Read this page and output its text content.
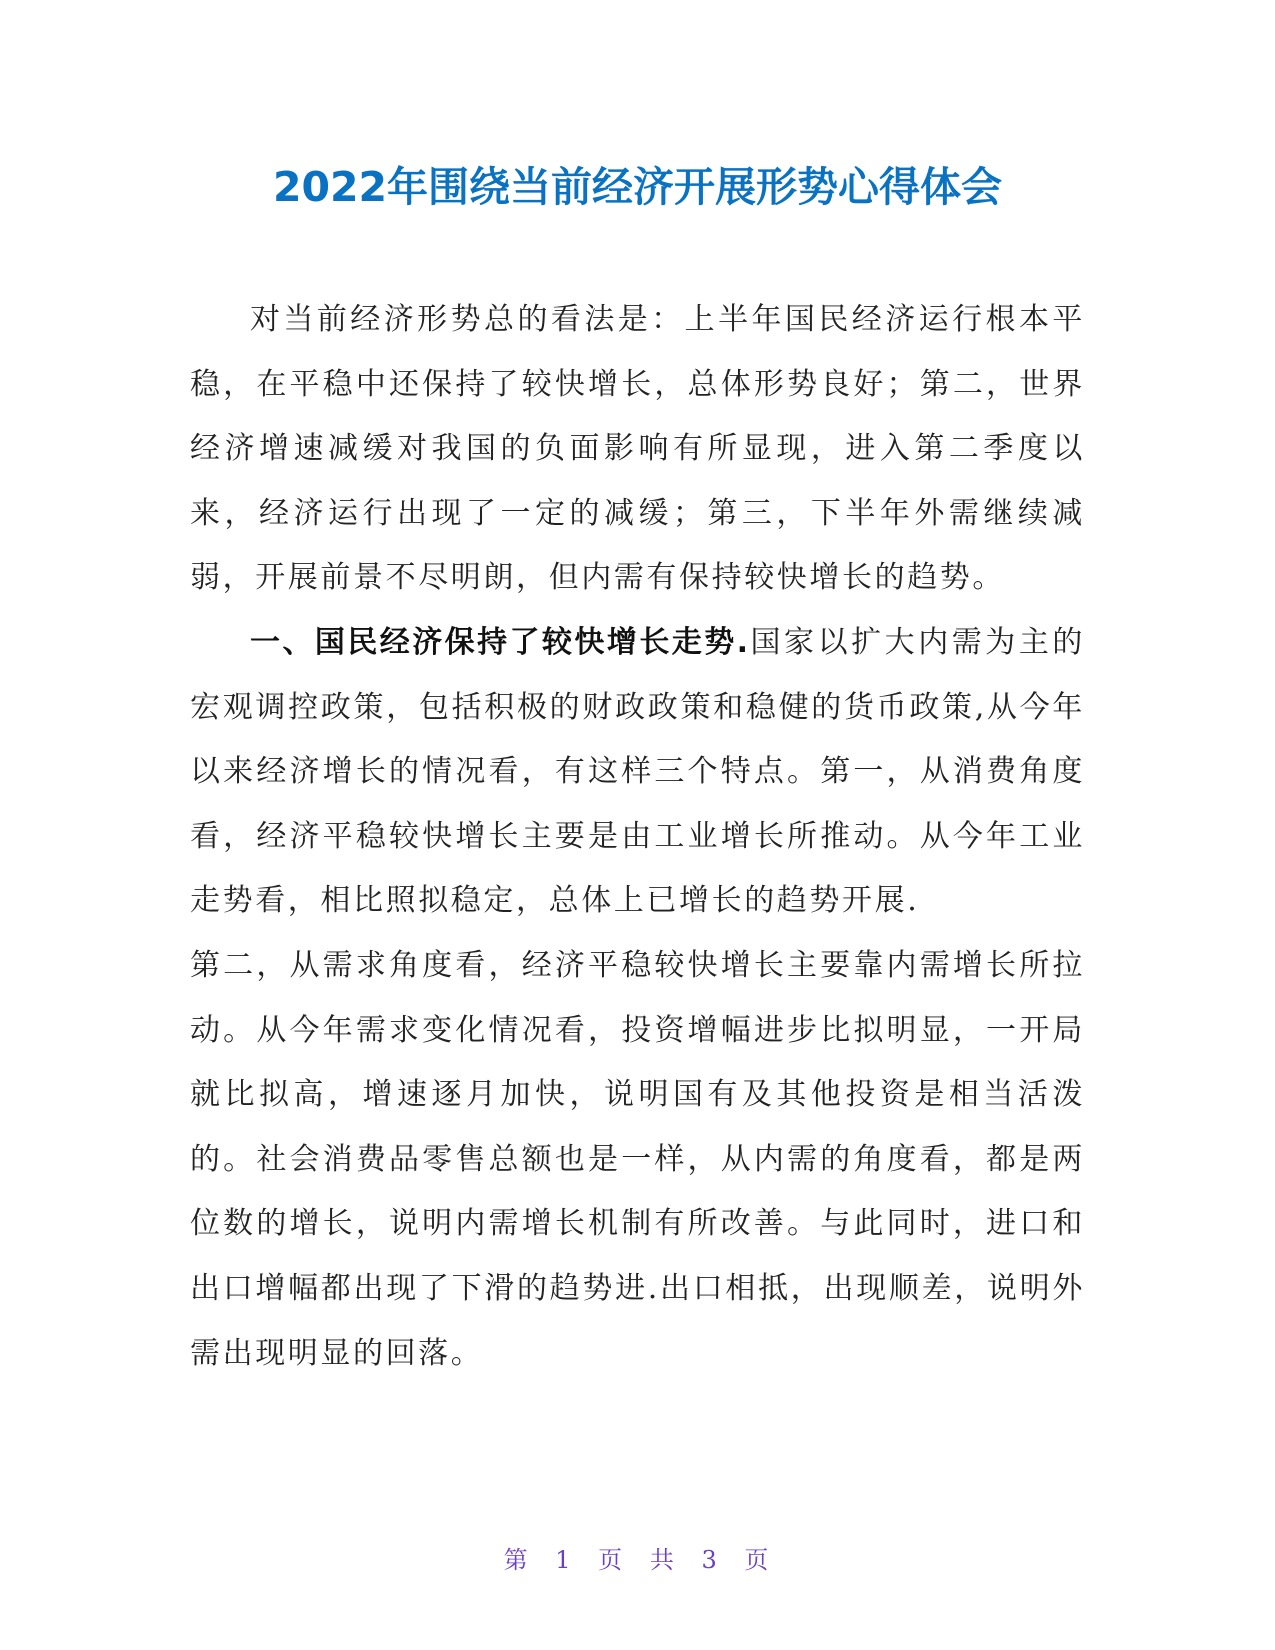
2022年围绕当前经济开展形势心得体会

对当前经济形势总的看法是：上半年国民经济运行根本平稳，在平稳中还保持了较快增长，总体形势良好；第二，世界经济增速减缓对我国的负面影响有所显现，进入第二季度以来，经济运行出现了一定的减缓；第三，下半年外需继续减弱，开展前景不尽明朗，但内需有保持较快增长的趋势。

一、国民经济保持了较快增长走势.国家以扩大内需为主的宏观调控政策，包括积极的财政政策和稳健的货币政策,从今年以来经济增长的情况看，有这样三个特点。第一，从消费角度看，经济平稳较快增长主要是由工业增长所推动。从今年工业走势看，相比照拟稳定，总体上已增长的趋势开展.

第二，从需求角度看，经济平稳较快增长主要靠内需增长所拉动。从今年需求变化情况看，投资增幅进步比拟明显，一开局就比拟高，增速逐月加快，说明国有及其他投资是相当活泼的。社会消费品零售总额也是一样，从内需的角度看，都是两位数的增长，说明内需增长机制有所改善。与此同时，进口和出口增幅都出现了下滑的趋势进.出口相抵，出现顺差，说明外需出现明显的回落。

第 1 页 共 3 页
